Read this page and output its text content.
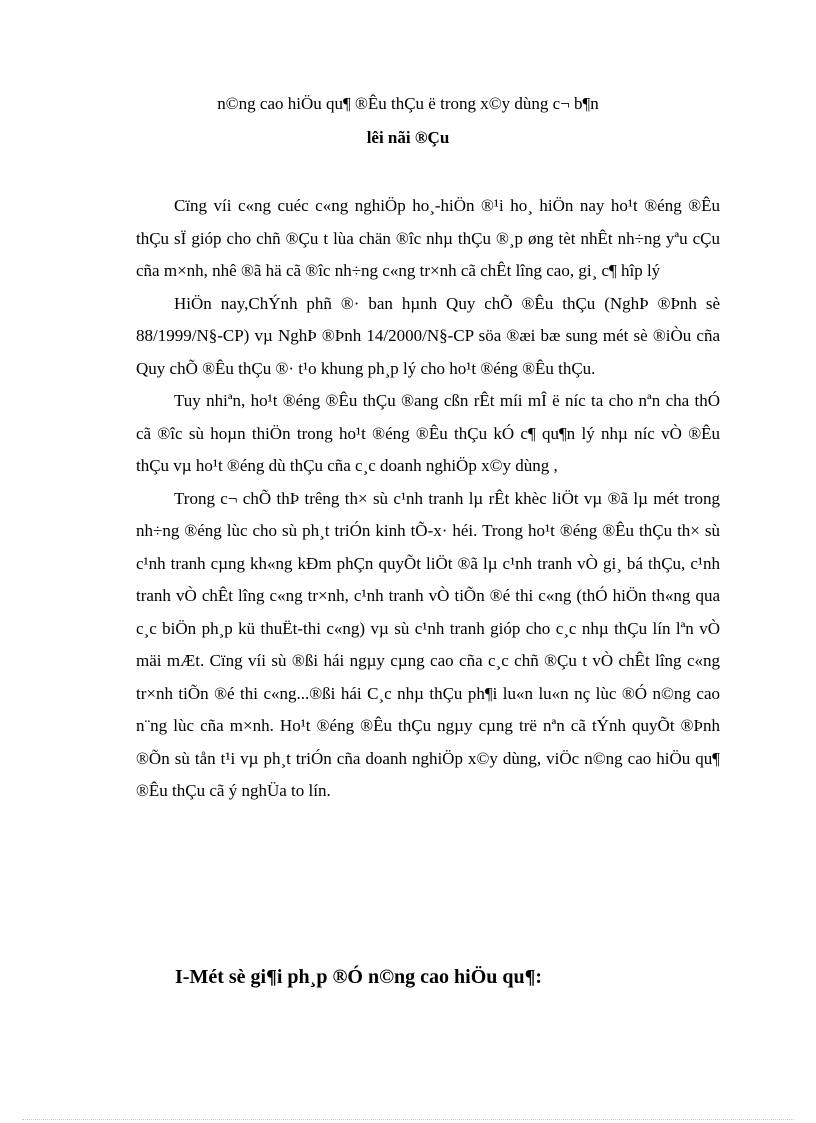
n©ng cao hiÖu qu¶ ®Êu thÇu ë trong x©y dùng c¬ b¶n
lêi nãi ®Çu

Cïng víi c«ng cuéc c«ng nghiÖp ho¸-hiÖn ®¹i ho¸ hiÖn nay ho¹t ®éng ®Êu thÇu sÏ gióp cho chñ ®Çu t lùa chän ®îc nhµ thÇu ®¸p øng tèt nhÊt nh÷ng yªu cÇu cña m×nh, nhê ®ã hä cã ®îc nh÷ng c«ng tr×nh cã chÊt lîng cao, gi¸ c¶ hîp lý

HiÖn nay,ChÝnh phñ ®· ban hµnh Quy chÕ ®Êu thÇu (NghÞ ®Þnh sè 88/1999/N§-CP) vµ NghÞ ®Þnh 14/2000/N§-CP söa ®æi bæ sung mét sè ®iÒu cña Quy chÕ ®Êu thÇu ®· t¹o khung ph¸p lý cho ho¹t ®éng ®Êu thÇu.

Tuy nhiªn, ho¹t ®éng ®Êu thÇu ®ang cßn rÊt míi mÎ ë níc ta cho nªn cha thÓ cã ®îc sù hoµn thiÖn trong ho¹t ®éng ®Êu thÇu kÓ c¶ qu¶n lý nhµ níc vÒ ®Êu thÇu vµ ho¹t ®éng dù thÇu cña c¸c doanh nghiÖp x©y dùng ,

Trong c¬ chÕ thÞ trêng th× sù c¹nh tranh lµ rÊt khèc liÖt vµ ®ã lµ mét trong nh÷ng ®éng lùc cho sù ph¸t triÓn kinh tÕ-x· héi. Trong ho¹t ®éng ®Êu thÇu th× sù c¹nh tranh cµng kh«ng kÐm phÇn quyÕt liÖt ®ã lµ c¹nh tranh vÒ gi¸ bá thÇu, c¹nh tranh vÒ chÊt lîng c«ng tr×nh, c¹nh tranh vÒ tiÕn ®é thi c«ng (thÓ hiÖn th«ng qua c¸c biÖn ph¸p kü thuËt-thi c«ng) vµ sù c¹nh tranh gióp cho c¸c nhµ thÇu lín lªn vÒ mäi mÆt. Cïng víi sù ®ßi hái ngµy cµng cao cña c¸c chñ ®Çu t vÒ chÊt lîng c«ng tr×nh tiÕn ®é thi c«ng...®ßi hái C¸c nhµ thÇu ph¶i lu«n lu«n nç lùc ®Ó n©ng cao n¨ng lùc cña m×nh. Ho¹t ®éng ®Êu thÇu ngµy cµng trë nªn cã tÝnh quyÕt ®Þnh ®Õn sù tån t¹i vµ ph¸t triÓn cña doanh nghiÖp x©y dùng, viÖc n©ng cao hiÖu qu¶ ®Êu thÇu cã ý nghÜa to lín.

I-Mét sè gi¶i ph¸p ®Ó n©ng cao hiÖu qu¶:
